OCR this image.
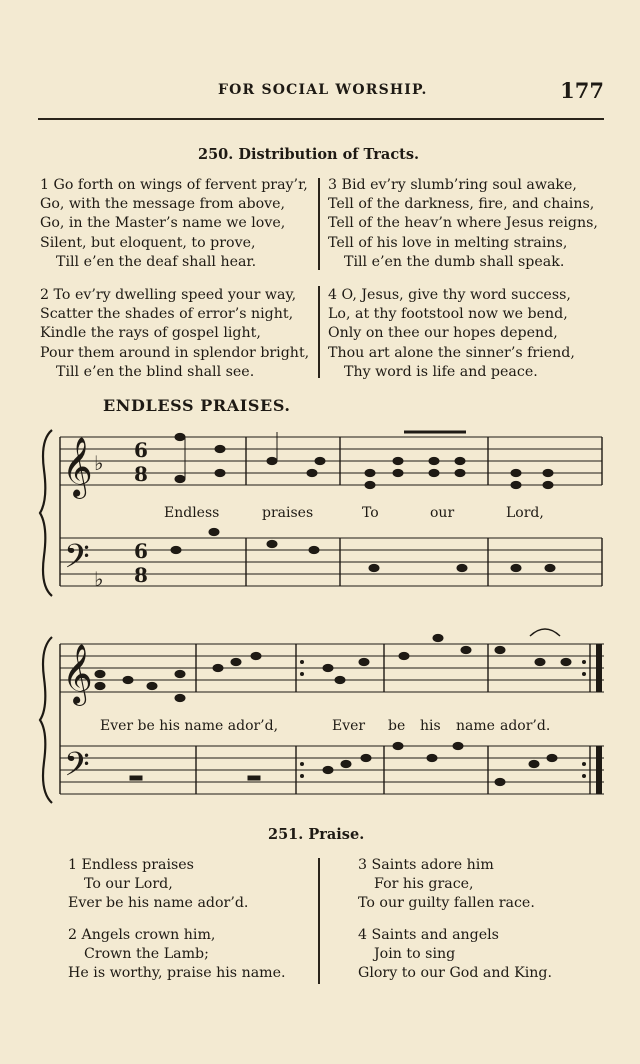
FOR SOCIAL WORSHIP.	177
250. Distribution of Tracts.
1 Go forth on wings of fervent pray’r,
Go, with the message from above,
Go, in the Master’s name we love,
Silent, but eloquent, to prove,
Till e’en the deaf shall hear.
3 Bid ev’ry slumb’ring soul awake,
Tell of the darkness, fire, and chains,
Tell of the heav’n where Jesus reigns,
Tell of his love in melting strains,
Till e’en the dumb shall speak.
2 To ev’ry dwelling speed your way,
Scatter the shades of error’s night,
Kindle the rays of gospel light,
Pour them around in splendor bright,
Till e’en the blind shall see.
4 O, Jesus, give thy word success,
Lo, at thy footstool now we bend,
Only on thee our hopes depend,
Thou art alone the sinner’s friend,
Thy word is life and peace.
ENDLESS PRAISES.
𝄞
𝄢
𝄞
𝄢
♭
♭
6
8
6
8
Endless	praises	To	our	Lord,
Ever be his name ador’d,	Ever be his name ador’d.
251. Praise.
1 Endless praises
To our Lord,
Ever be his name ador’d.
3 Saints adore him
For his grace,
To our guilty fallen race.
2 Angels crown him,
Crown the Lamb;
He is worthy, praise his name.
4 Saints and angels
Join to sing
Glory to our God and King.
